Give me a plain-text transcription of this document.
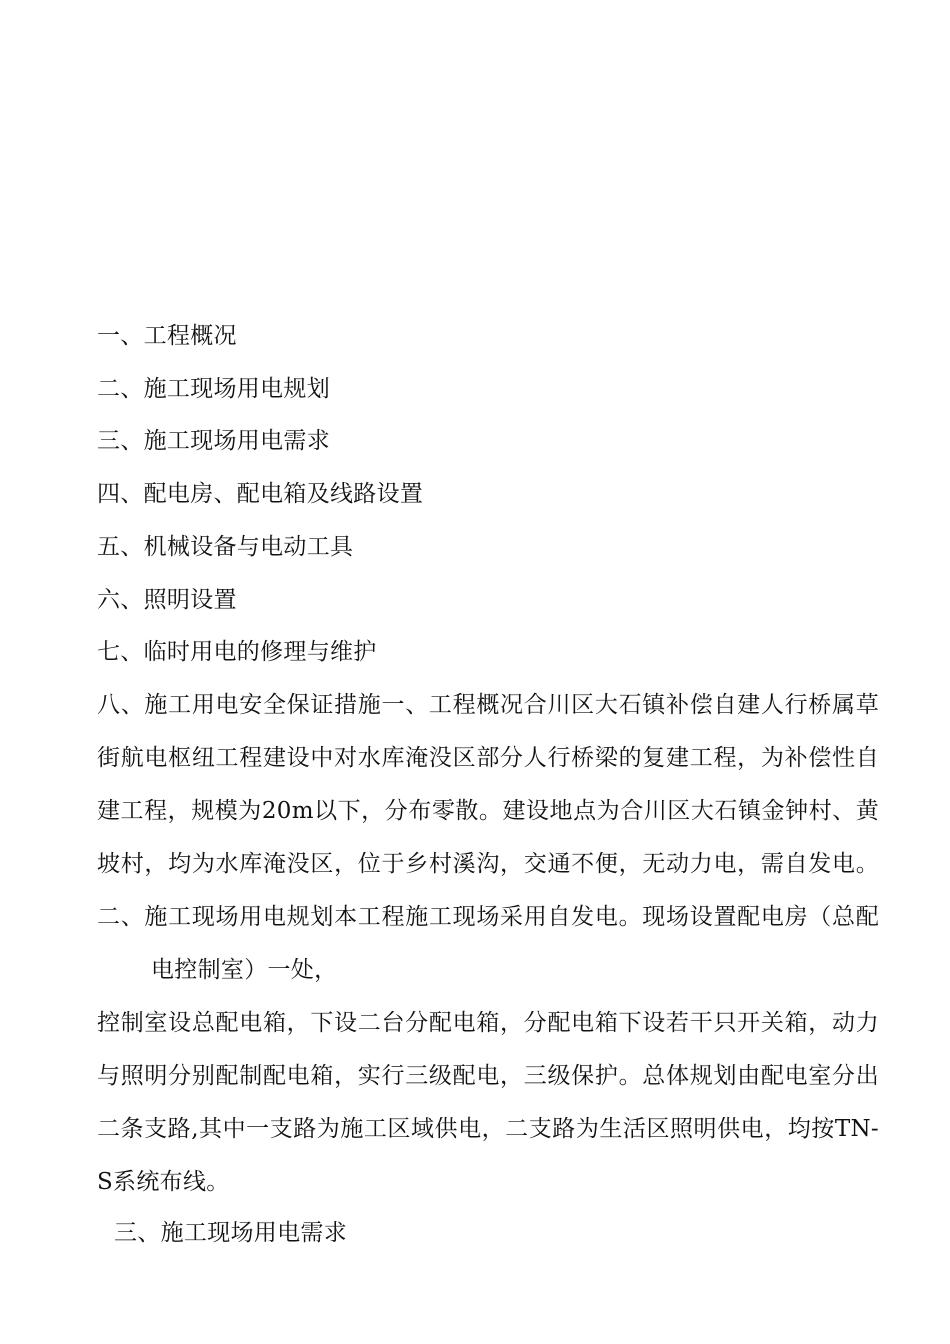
一、工程概况
二、施工现场用电规划
三、施工现场用电需求
四、配电房、配电箱及线路设置
五、机械设备与电动工具
六、照明设置
七、临时用电的修理与维护
八、施工用电安全保证措施一、工程概况合川区大石镇补偿自建人行桥属草
街航电枢纽工程建设中对水库淹没区部分人行桥梁的复建工程，为补偿性自
建工程，规模为20m以下，分布零散。建设地点为合川区大石镇金钟村、黄
坡村，均为水库淹没区，位于乡村溪沟，交通不便，无动力电，需自发电。
二、施工现场用电规划本工程施工现场采用自发电。现场设置配电房（总配
电控制室）一处，
控制室设总配电箱，下设二台分配电箱，分配电箱下设若干只开关箱，动力
与照明分别配制配电箱，实行三级配电，三级保护。总体规划由配电室分出
二条支路,其中一支路为施工区域供电，二支路为生活区照明供电，均按TN-
S系统布线。
三、施工现场用电需求
